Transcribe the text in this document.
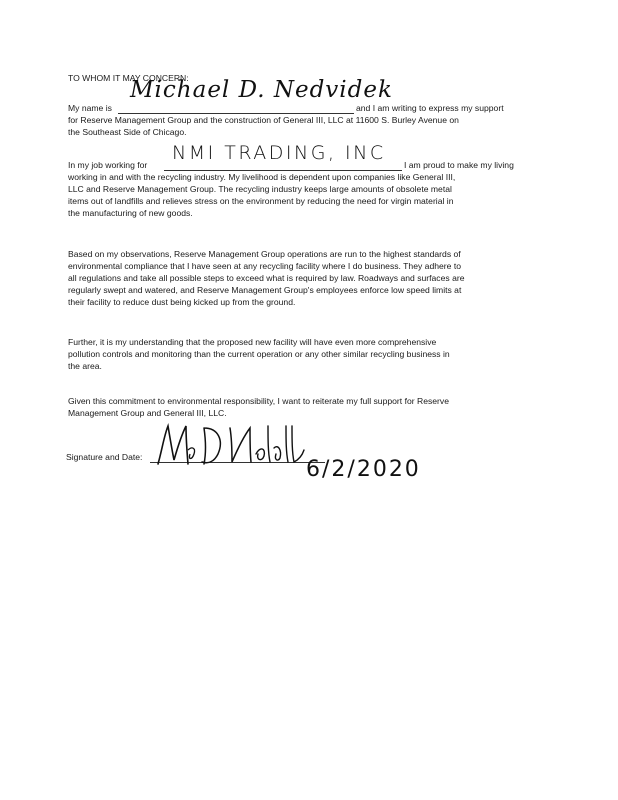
TO WHOM IT MAY CONCERN:
My name is
Michael D. Nedvidek
and I am writing to express my support
for Reserve Management Group and the construction of General III, LLC at 11600 S. Burley Avenue on
the Southeast Side of Chicago.
In my job working for
NMI TRADING, INC
I am proud to make my living
working in and with the recycling industry. My livelihood is dependent upon companies like General III,
LLC and Reserve Management Group. The recycling industry keeps large amounts of obsolete metal
items out of landfills and relieves stress on the environment by reducing the need for virgin material in
the manufacturing of new goods.
Based on my observations, Reserve Management Group operations are run to the highest standards of
environmental compliance that I have seen at any recycling facility where I do business. They adhere to
all regulations and take all possible steps to exceed what is required by law. Roadways and surfaces are
regularly swept and watered, and Reserve Management Group's employees enforce low speed limits at
their facility to reduce dust being kicked up from the ground.
Further, it is my understanding that the proposed new facility will have even more comprehensive
pollution controls and monitoring than the current operation or any other similar recycling business in
the area.
Given this commitment to environmental responsibility, I want to reiterate my full support for Reserve
Management Group and General III, LLC.
Signature and Date:	6/2/2020
